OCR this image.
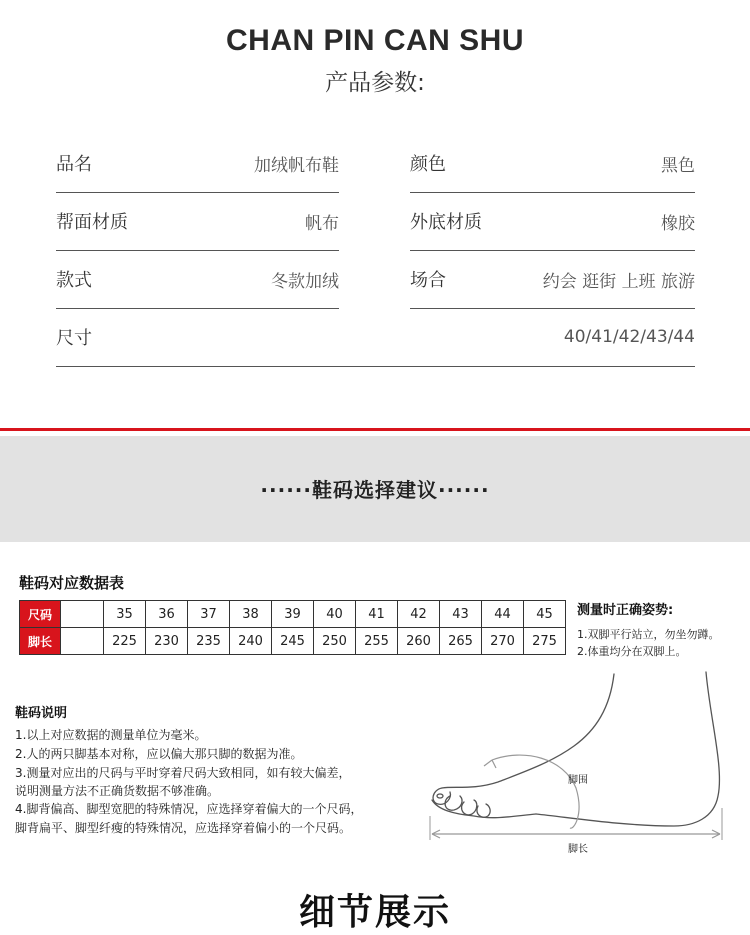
CHAN PIN CAN SHU
产品参数:
品名	加绒帆布鞋	颜色	黑色
帮面材质	帆布	外底材质	橡胶
款式	冬款加绒	场合	约会 逛街 上班 旅游
尺寸	40/41/42/43/44
······鞋码选择建议······
鞋码对应数据表
尺码		35	36	37	38	39	40	41	42	43	44	45
脚长		225	230	235	240	245	250	255	260	265	270	275
测量时正确姿势:
1.双脚平行站立，勿坐勿蹲。
2.体重均分在双脚上。
鞋码说明
1.以上对应数据的测量单位为毫米。
2.人的两只脚基本对称，应以偏大那只脚的数据为准。
3.测量对应出的尺码与平时穿着尺码大致相同，如有较大偏差，
说明测量方法不正确货数据不够准确。
4.脚背偏高、脚型宽肥的特殊情况，应选择穿着偏大的一个尺码，
脚背扁平、脚型纤瘦的特殊情况，应选择穿着偏小的一个尺码。
脚围
脚长
细节展示
